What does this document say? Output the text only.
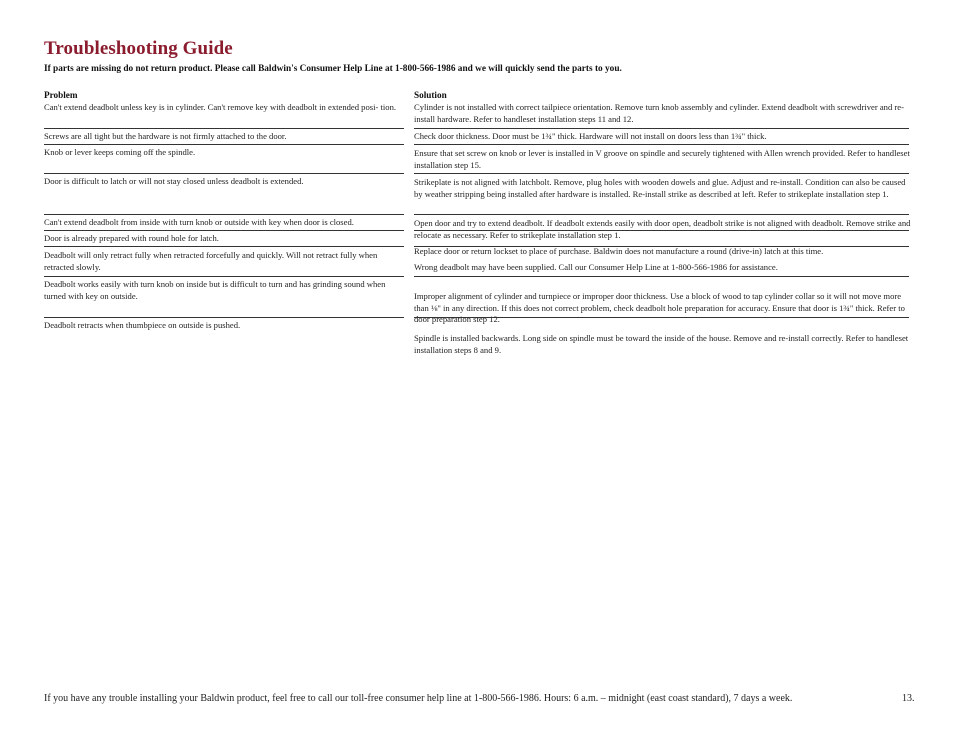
Troubleshooting Guide

If parts are missing do not return product. Please call Baldwin's Consumer Help Line at 1-800-566-1986 and we will quickly send the parts to you.

Problem	Solution

Can't extend deadbolt unless key is in cylinder. Can't remove key with deadbolt in extended posi- tion.

Screws are all tight but the hardware is not firmly attached to the door.

Knob or lever keeps coming off the spindle.

Door is difficult to latch or will not stay closed unless deadbolt is extended.

Can't extend deadbolt from inside with turn knob or outside with key when door is closed.

Door is already prepared with round hole for latch.

Deadbolt will only retract fully when retracted forcefully and quickly. Will not retract fully when retracted slowly.

Deadbolt works easily with turn knob on inside but is difficult to turn and has grinding sound when turned with key on outside.

Deadbolt retracts when thumbpiece on outside is pushed.

Cylinder is not installed with correct tailpiece orientation. Remove turn knob assembly and cylinder. Extend deadbolt with screwdriver and re-install hardware. Refer to handleset installation steps 11 and 12.

Check door thickness. Door must be 1¾" thick. Hardware will not install on doors less than 1¾" thick.

Ensure that set screw on knob or lever is installed in V groove on spindle and securely tightened with Allen wrench provided. Refer to handleset installation step 15.

Strikeplate is not aligned with latchbolt. Remove, plug holes with wooden dowels and glue. Adjust and re-install. Condition can also be caused by weather stripping being installed after hardware is installed. Re-install strike as described at left. Refer to strikeplate installation step 1.

Open door and try to extend deadbolt. If deadbolt extends easily with door open, deadbolt strike is not aligned with deadbolt. Remove strike and relocate as necessary. Refer to strikeplate installation step 1.

Replace door or return lockset to place of purchase. Baldwin does not manufacture a round (drive-in) latch at this time.

Wrong deadbolt may have been supplied. Call our Consumer Help Line at 1-800-566-1986 for assistance.

Improper alignment of cylinder and turnpiece or improper door thickness. Use a block of wood to tap cylinder collar so it will not move more than ⅛" in any direction. If this does not correct problem, check deadbolt hole preparation for accuracy. Ensure that door is 1¾" thick. Refer to door preparation step 12.

Spindle is installed backwards. Long side on spindle must be toward the inside of the house. Remove and re-install correctly. Refer to handleset installation steps 8 and 9.

If you have any trouble installing your Baldwin product, feel free to call our toll-free consumer help line at 1-800-566-1986. Hours: 6 a.m. – midnight (east coast standard), 7 days a week.	13.
